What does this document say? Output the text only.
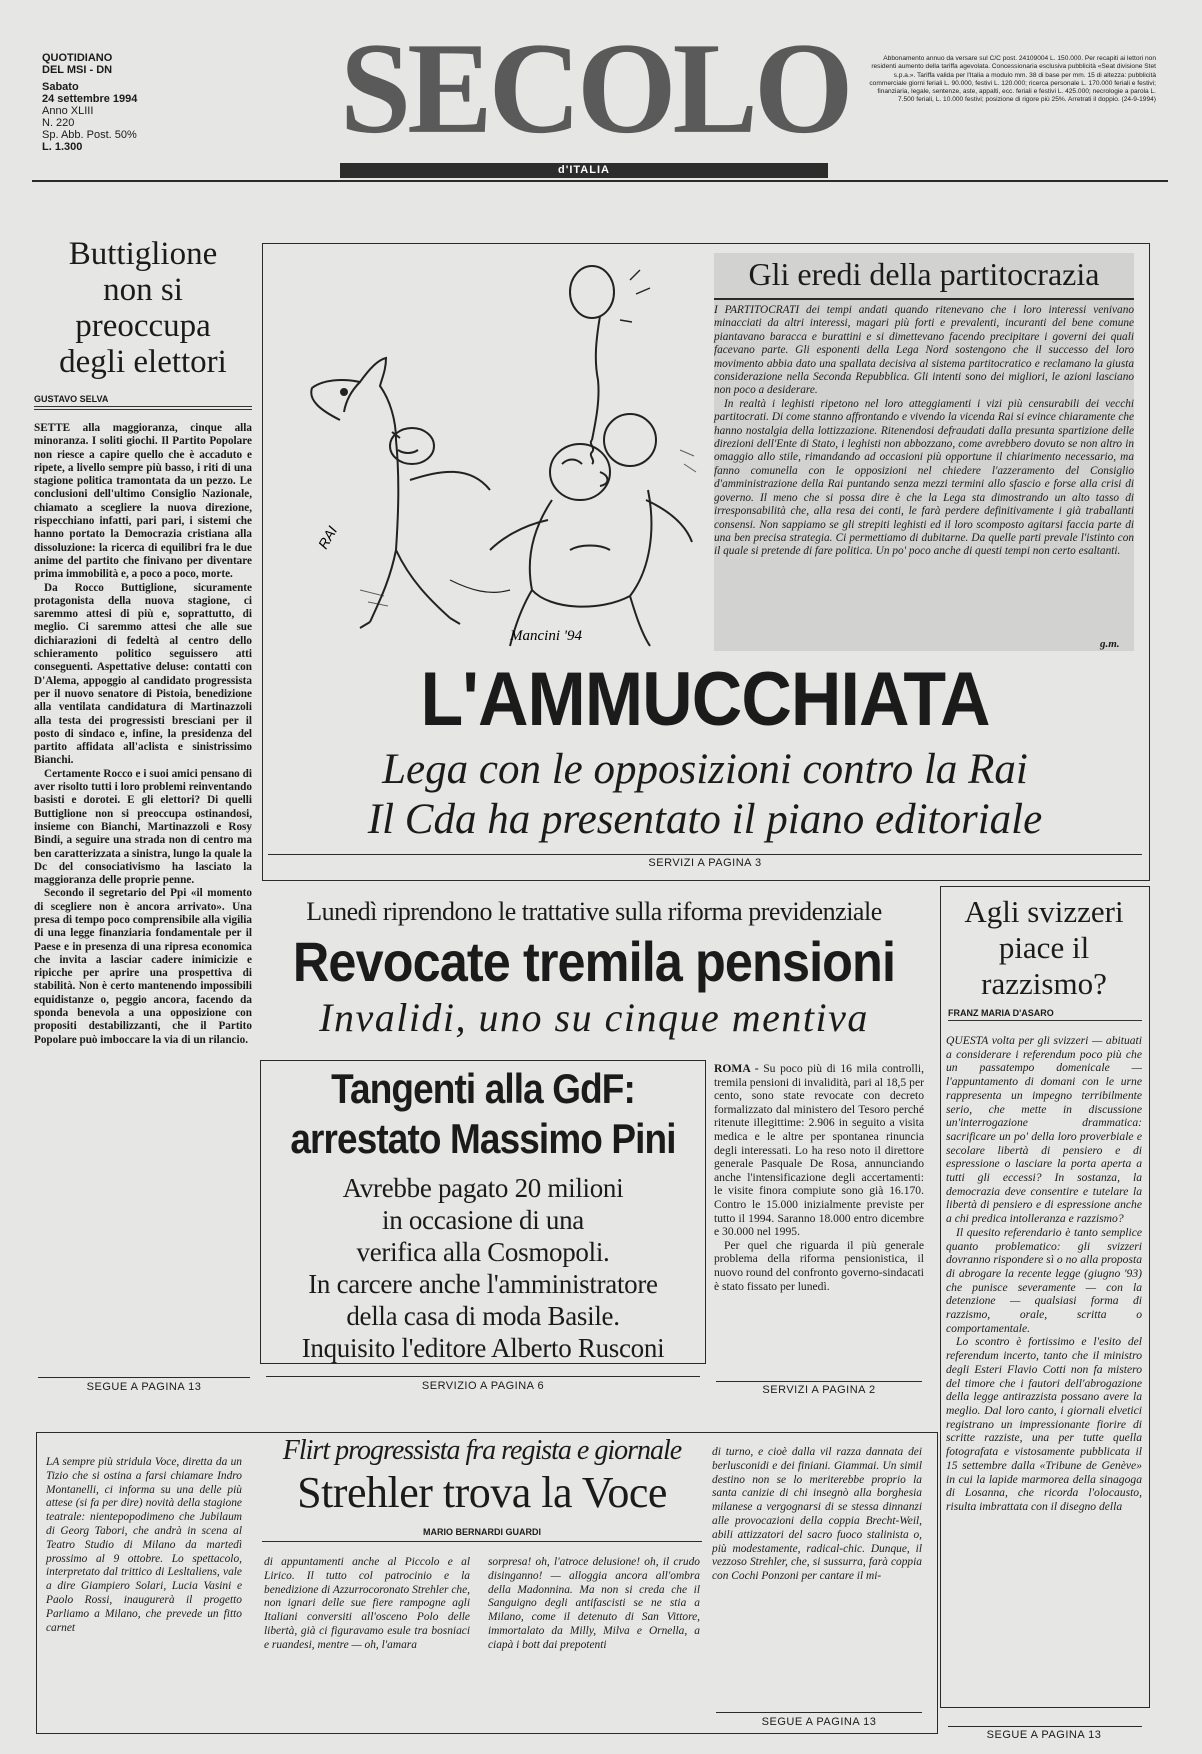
QUOTIDIANO
DEL MSI - DN
Sabato
24 settembre 1994
Anno XLIII
N. 220
Sp. Abb. Post. 50%
L. 1.300	SECOLO
d'ITALIA
Abbonamento annuo da versare sul C/C post. 24109004 L. 150.000. Per recapiti ai lettori non residenti aumento della tariffa agevolata. Concessionaria esclusiva pubblicità «Seat divisione Stet s.p.a.». Tariffa valida per l'Italia a modulo mm. 38 di base per mm. 15 di altezza: pubblicità commerciale giorni feriali L. 90.000, festivi L. 120.000; ricerca personale L. 170.000 feriali e festivi; finanziaria, legale, sentenze, aste, appalti, ecc. feriali e festivi L. 425.000; necrologie a parola L. 7.500 feriali, L. 10.000 festivi; posizione di rigore più 25%. Arretrati il doppio. (24-9-1994)
Buttiglione non si preoccupa degli elettori
GUSTAVO SELVA

SETTE alla maggioranza, cinque alla minoranza. I soliti giochi. Il Partito Popolare non riesce a capire quello che è accaduto e ripete, a livello sempre più basso, i riti di una stagione politica tramontata da un pezzo. Le conclusioni dell'ultimo Consiglio Nazionale, chiamato a scegliere la nuova direzione, rispecchiano infatti, pari pari, i sistemi che hanno portato la Democrazia cristiana alla dissoluzione: la ricerca di equilibri fra le due anime del partito che finivano per diventare prima immobilità e, a poco a poco, morte.

Da Rocco Buttiglione, sicuramente protagonista della nuova stagione, ci saremmo attesi di più e, soprattutto, di meglio. Ci saremmo attesi che alle sue dichiarazioni di fedeltà al centro dello schieramento politico seguissero atti conseguenti. Aspettative deluse: contatti con D'Alema, appoggio al candidato progressista per il nuovo senatore di Pistoia, benedizione alla ventilata candidatura di Martinazzoli alla testa dei progressisti bresciani per il posto di sindaco e, infine, la presidenza del partito affidata all'aclista e sinistrissimo Bianchi.

Certamente Rocco e i suoi amici pensano di aver risolto tutti i loro problemi reinventando basisti e dorotei. E gli elettori? Di quelli Buttiglione non si preoccupa ostinandosi, insieme con Bianchi, Martinazzoli e Rosy Bindi, a seguire una strada non di centro ma ben caratterizzata a sinistra, lungo la quale la Dc del consociativismo ha lasciato la maggioranza delle proprie penne.

Secondo il segretario del Ppi «il momento di scegliere non è ancora arrivato». Una presa di tempo poco comprensibile alla vigilia di una legge finanziaria fondamentale per il Paese e in presenza di una ripresa economica che invita a lasciar cadere inimicizie e ripicche per aprire una prospettiva di stabilità. Non è certo mantenendo impossibili equidistanze o, peggio ancora, facendo da sponda benevola a una opposizione con propositi destabilizzanti, che il Partito Popolare può imboccare la via di un rilancio.

SEGUE A PAGINA 13
RAI
Mancini '94
Gli eredi della partitocrazia

I PARTITOCRATI dei tempi andati quando ritenevano che i loro interessi venivano minacciati da altri interessi, magari più forti e prevalenti, incuranti del bene comune piantavano baracca e burattini e si dimettevano facendo precipitare i governi dei quali facevano parte. Gli esponenti della Lega Nord sostengono che il successo del loro movimento abbia dato una spallata decisiva al sistema partitocratico e reclamano la giusta considerazione nella Seconda Repubblica. Gli intenti sono dei migliori, le azioni lasciano non poco a desiderare.

In realtà i leghisti ripetono nel loro atteggiamenti i vizi più censurabili dei vecchi partitocrati. Di come stanno affrontando e vivendo la vicenda Rai si evince chiaramente che hanno nostalgia della lottizzazione. Ritenendosi defraudati dalla presunta spartizione delle direzioni dell'Ente di Stato, i leghisti non abbozzano, come avrebbero dovuto se non altro in omaggio allo stile, rimandando ad occasioni più opportune il chiarimento necessario, ma fanno comunella con le opposizioni nel chiedere l'azzeramento del Consiglio d'amministrazione della Rai puntando senza mezzi termini allo sfascio e forse alla crisi di governo. Il meno che si possa dire è che la Lega sta dimostrando un alto tasso di irresponsabilità che, alla resa dei conti, le farà perdere definitivamente i già traballanti consensi. Non sappiamo se gli strepiti leghisti ed il loro scomposto agitarsi faccia parte di una ben precisa strategia. Ci permettiamo di dubitarne. Da quelle parti prevale l'istinto con il quale si pretende di fare politica. Un po' poco anche di questi tempi non certo esaltanti.

g.m.
L'AMMUCCHIATA
Lega con le opposizioni contro la Rai
Il Cda ha presentato il piano editoriale
SERVIZI A PAGINA 3
Lunedì riprendono le trattative sulla riforma previdenziale
Revocate tremila pensioni
Invalidi, uno su cinque mentiva
Tangenti alla GdF:
arrestato Massimo Pini
Avrebbe pagato 20 milioni
in occasione di una
verifica alla Cosmopoli.
In carcere anche l'amministratore
della casa di moda Basile.
Inquisito l'editore Alberto Rusconi
SERVIZIO A PAGINA 6

ROMA - Su poco più di 16 mila controlli, tremila pensioni di invalidità, pari al 18,5 per cento, sono state revocate con decreto formalizzato dal ministero del Tesoro perché ritenute illegittime: 2.906 in seguito a visita medica e le altre per spontanea rinuncia degli interessati. Lo ha reso noto il direttore generale Pasquale De Rosa, annunciando anche l'intensificazione degli accertamenti: le visite finora compiute sono già 16.170. Contro le 15.000 inizialmente previste per tutto il 1994. Saranno 18.000 entro dicembre e 30.000 nel 1995.

Per quel che riguarda il più generale problema della riforma pensionistica, il nuovo round del confronto governo-sindacati è stato fissato per lunedì.

SERVIZI A PAGINA 2
Agli svizzeri piace il razzismo?
FRANZ MARIA D'ASARO

QUESTA volta per gli svizzeri — abituati a considerare i referendum poco più che un passatempo domenicale — l'appuntamento di domani con le urne rappresenta un impegno terribilmente serio, che mette in discussione un'interrogazione drammatica: sacrificare un po' della loro proverbiale e secolare libertà di pensiero e di espressione o lasciare la porta aperta a tutti gli eccessi? In sostanza, la democrazia deve consentire e tutelare la libertà di pensiero e di espressione anche a chi predica intolleranza e razzismo?

Il quesito referendario è tanto semplice quanto problematico: gli svizzeri dovranno rispondere sì o no alla proposta di abrogare la recente legge (giugno '93) che punisce severamente — con la detenzione — qualsiasi forma di razzismo, orale, scritta o comportamentale.

Lo scontro è fortissimo e l'esito del referendum incerto, tanto che il ministro degli Esteri Flavio Cotti non fa mistero del timore che i fautori dell'abrogazione della legge antirazzista possano avere la meglio. Dal loro canto, i giornali elvetici registrano un impressionante fiorire di scritte razziste, una per tutte quella fotografata e vistosamente pubblicata il 15 settembre dalla «Tribune de Genève» in cui la lapide marmorea della sinagoga di Losanna, che ricorda l'olocausto, risulta imbrattata con il disegno della

SEGUE A PAGINA 13
LA sempre più stridula Voce, diretta da un Tizio che si ostina a farsi chiamare Indro Montanelli, ci informa su una delle più attese (si fa per dire) novità della stagione teatrale: nientepopodimeno che Jubilaum di Georg Tabori, che andrà in scena al Teatro Studio di Milano da martedì prossimo al 9 ottobre. Lo spettacolo, interpretato dal trittico di Lesltaliens, vale a dire Giampiero Solari, Lucia Vasini e Paolo Rossi, inaugurerà il progetto Parliamo a Milano, che prevede un fitto carnet
Flirt progressista fra regista e giornale
Strehler trova la Voce
MARIO BERNARDI GUARDI
di appuntamenti anche al Piccolo e al Lirico. Il tutto col patrocinio e la benedizione di Azzurrocoronato Strehler che, non ignari delle sue fiere rampogne agli Italiani conversiti all'osceno Polo delle libertà, già ci figuravamo esule tra bosniaci e ruandesi, mentre — oh, l'amara
sorpresa! oh, l'atroce delusione! oh, il crudo disinganno! — alloggia ancora all'ombra della Madonnina. Ma non si creda che il Sanguigno degli antifascisti se ne stia a Milano, come il detenuto di San Vittore, immortalato da Milly, Milva e Ornella, a ciapà i bott dai prepotenti
di turno, e cioè dalla vil razza dannata dei berlusconidi e dei finiani. Giammai. Un simil destino non se lo meriterebbe proprio la santa canizie di chi insegnò alla borghesia milanese a vergognarsi di se stessa dinnanzi alle provocazioni della coppia Brecht-Weil, abili attizzatori del sacro fuoco stalinista o, più modestamente, radical-chic. Dunque, il vezzoso Strehler, che, si sussurra, farà coppia con Cochi Ponzoni per cantare il mi-
SEGUE A PAGINA 13
